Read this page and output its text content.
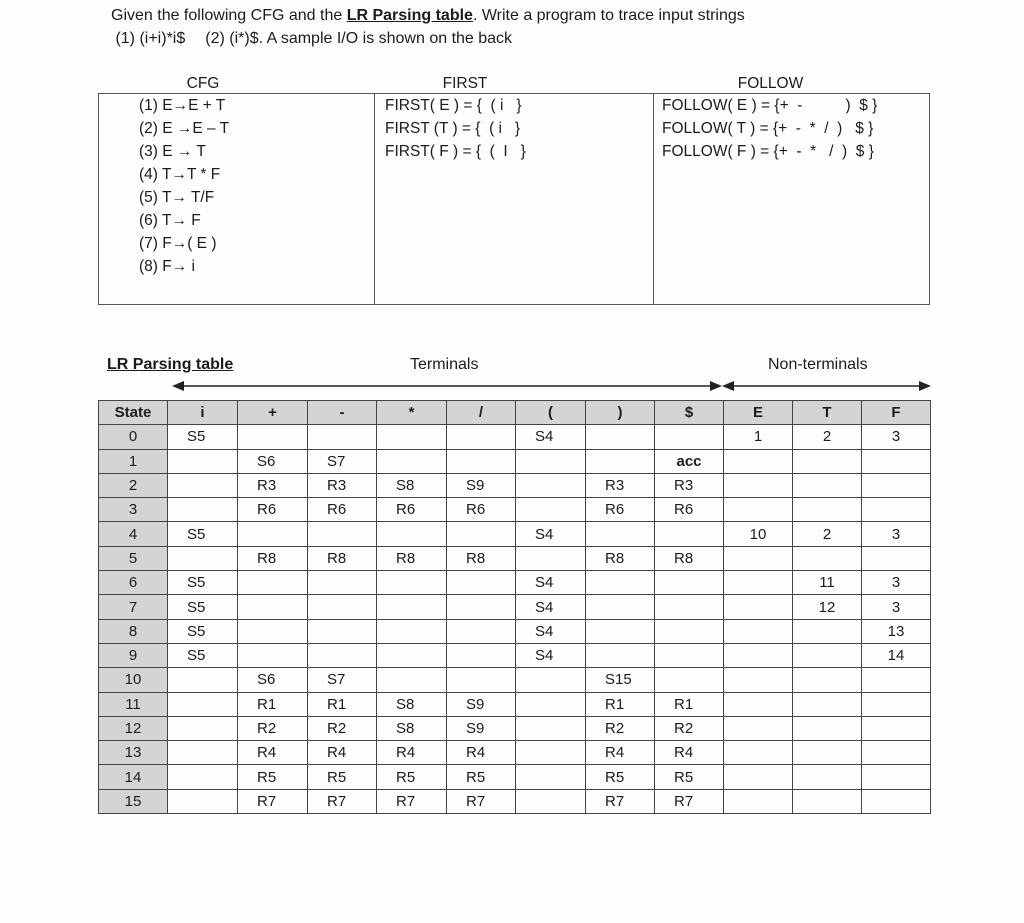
Given the following CFG and the LR Parsing table. Write a program to trace input strings
(1) (i+i)*i$ (2) (i*)$. A sample I/O is shown on the back
CFG	FIRST	FOLLOW
(1) E→E + T
(2) E →E – T
(3) E → T
(4) T→T * F
(5) T→ T/F
(6) T→ F
(7) F→( E )
(8) F→ i
FIRST( E ) = {  ( i   }
FIRST (T ) = {  ( i   }
FIRST( F ) = {  (  I   }
FOLLOW( E ) = {+  -          )  $ }
FOLLOW( T ) = {+  -  *  /  )   $ }
FOLLOW( F ) = {+  -  *   /  )  $ }
LR Parsing table	Terminals	Non-terminals
State	i	+	-	*	/	(	)	$	E	T	F
0	S5					S4			1	2	3
1		S6	S7					acc			
2		R3	R3	S8	S9		R3	R3			
3		R6	R6	R6	R6		R6	R6			
4	S5					S4			10	2	3
5		R8	R8	R8	R8		R8	R8			
6	S5					S4				11	3
7	S5					S4				12	3
8	S5					S4					13
9	S5					S4					14
10		S6	S7				S15				
11		R1	R1	S8	S9		R1	R1			
12		R2	R2	S8	S9		R2	R2			
13		R4	R4	R4	R4		R4	R4			
14		R5	R5	R5	R5		R5	R5			
15		R7	R7	R7	R7		R7	R7			
